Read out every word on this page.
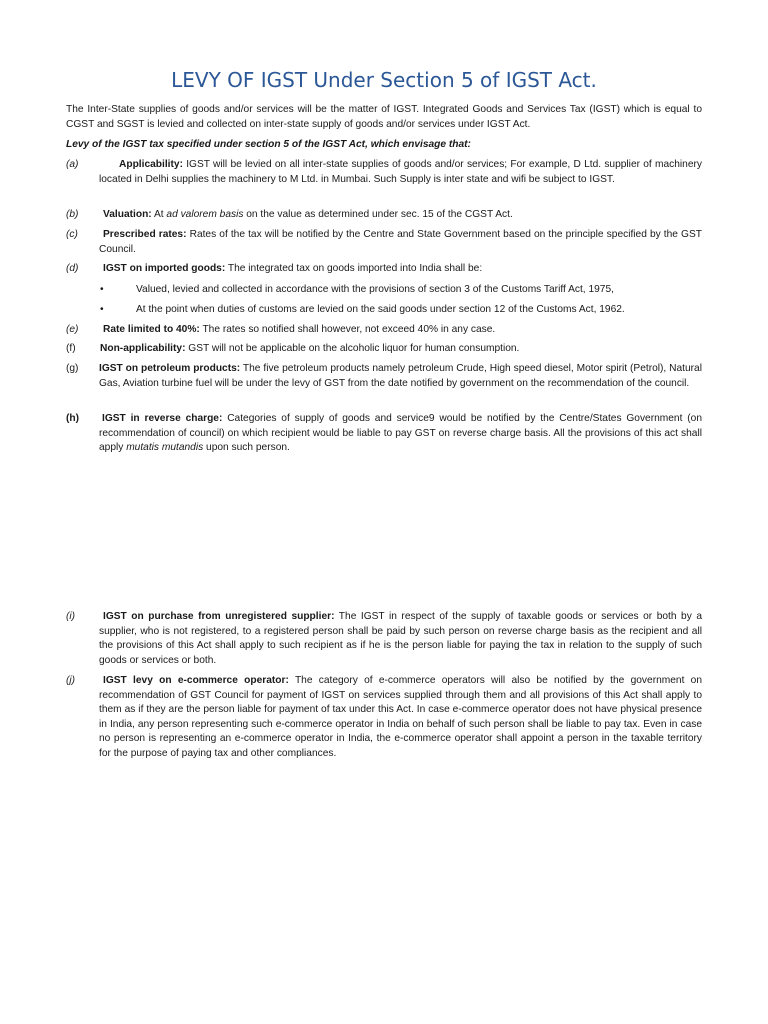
LEVY OF IGST Under Section 5 of IGST Act.
The Inter-State supplies of goods and/or services will be the matter of IGST. Integrated Goods and Services Tax (IGST) which is equal to CGST and SGST is levied and collected on inter-state supply of goods and/or services under IGST Act.
Levy of the IGST tax specified under section 5 of the IGST Act, which envisage that:
(a)	Applicability: IGST will be levied on all inter-state supplies of goods and/or services; For example, D Ltd. supplier of machinery located in Delhi supplies the machinery to M Ltd. in Mumbai. Such Supply is inter state and wifi be subject to IGST.
(b)	Valuation: At ad valorem basis on the value as determined under sec. 15 of the CGST Act.
(c)	Prescribed rates: Rates of the tax will be notified by the Centre and State Government based on the principle specified by the GST Council.
(d)	IGST on imported goods: The integrated tax on goods imported into India shall be:
•	Valued, levied and collected in accordance with the provisions of section 3 of the Customs Tariff Act, 1975,
•	At the point when duties of customs are levied on the said goods under section 12 of the Customs Act, 1962.
(e)	Rate limited to 40%: The rates so notified shall however, not exceed 40% in any case.
(f)	Non-applicability: GST will not be applicable on the alcoholic liquor for human consumption.
(g)	IGST on petroleum products: The five petroleum products namely petroleum Crude, High speed diesel, Motor spirit (Petrol), Natural Gas, Aviation turbine fuel will be under the levy of GST from the date notified by government on the recommendation of the council.
(h)	IGST in reverse charge: Categories of supply of goods and service9 would be notified by the Centre/States Government (on recommendation of council) on which recipient would be liable to pay GST on reverse charge basis. All the provisions of this act shall apply mutatis mutandis upon such person.
(i)	IGST on purchase from unregistered supplier: The IGST in respect of the supply of taxable goods or services or both by a supplier, who is not registered, to a registered person shall be paid by such person on reverse charge basis as the recipient and all the provisions of this Act shall apply to such recipient as if he is the person liable for paying the tax in relation to the supply of such goods or services or both.
(j)	IGST levy on e-commerce operator: The category of e-commerce operators will also be notified by the government on recommendation of GST Council for payment of IGST on services supplied through them and all provisions of this Act shall apply to them as if they are the person liable for payment of tax under this Act. In case e-commerce operator does not have physical presence in India, any person representing such e-commerce operator in India on behalf of such person shall be liable to pay tax. Even in case no person is representing an e-commerce operator in India, the e-commerce operator shall appoint a person in the taxable territory for the purpose of paying tax and other compliances.
